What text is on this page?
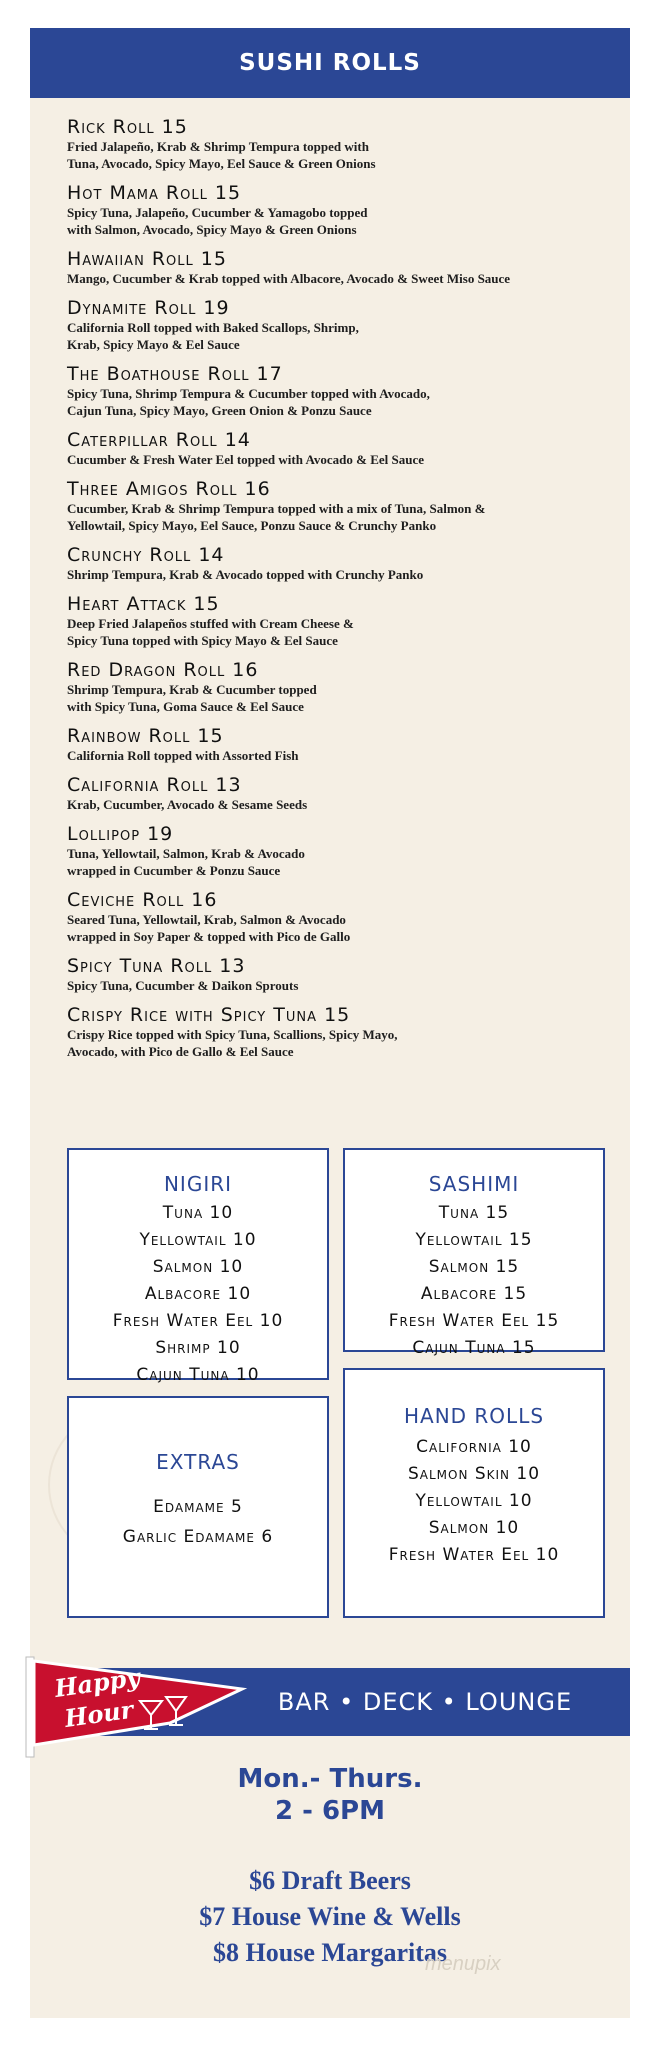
SUSHI ROLLS
Rick Roll 15
Fried Jalapeño, Krab & Shrimp Tempura topped with
Tuna, Avocado, Spicy Mayo, Eel Sauce & Green Onions
Hot Mama Roll 15
Spicy Tuna, Jalapeño, Cucumber & Yamagobo topped
with Salmon, Avocado, Spicy Mayo & Green Onions
Hawaiian Roll 15
Mango, Cucumber & Krab topped with Albacore, Avocado & Sweet Miso Sauce
Dynamite Roll 19
California Roll topped with Baked Scallops, Shrimp,
Krab, Spicy Mayo & Eel Sauce
The Boathouse Roll 17
Spicy Tuna, Shrimp Tempura & Cucumber topped with Avocado,
Cajun Tuna, Spicy Mayo, Green Onion & Ponzu Sauce
Caterpillar Roll 14
Cucumber & Fresh Water Eel topped with Avocado & Eel Sauce
Three Amigos Roll 16
Cucumber, Krab & Shrimp Tempura topped with a mix of Tuna, Salmon &
Yellowtail, Spicy Mayo, Eel Sauce, Ponzu Sauce & Crunchy Panko
Crunchy Roll 14
Shrimp Tempura, Krab & Avocado topped with Crunchy Panko
Heart Attack 15
Deep Fried Jalapeños stuffed with Cream Cheese &
Spicy Tuna topped with Spicy Mayo & Eel Sauce
Red Dragon Roll 16
Shrimp Tempura, Krab & Cucumber topped
with Spicy Tuna, Goma Sauce & Eel Sauce
Rainbow Roll 15
California Roll topped with Assorted Fish
California Roll 13
Krab, Cucumber, Avocado & Sesame Seeds
Lollipop 19
Tuna, Yellowtail, Salmon, Krab & Avocado
wrapped in Cucumber & Ponzu Sauce
Ceviche Roll 16
Seared Tuna, Yellowtail, Krab, Salmon & Avocado
wrapped in Soy Paper & topped with Pico de Gallo
Spicy Tuna Roll 13
Spicy Tuna, Cucumber & Daikon Sprouts
Crispy Rice with Spicy Tuna 15
Crispy Rice topped with Spicy Tuna, Scallions, Spicy Mayo,
Avocado, with Pico de Gallo & Eel Sauce
NIGIRI
Tuna 10
Yellowtail 10
Salmon 10
Albacore 10
Fresh Water Eel 10
Shrimp 10
Cajun Tuna 10
SASHIMI
Tuna 15
Yellowtail 15
Salmon 15
Albacore 15
Fresh Water Eel 15
Cajun Tuna 15
EXTRAS
Edamame 5
Garlic Edamame 6
HAND ROLLS
California 10
Salmon Skin 10
Yellowtail 10
Salmon 10
Fresh Water Eel 10
BAR • DECK • LOUNGE
Happy
Hour
Mon.- Thurs.
2 - 6PM
$6 Draft Beers
$7 House Wine & Wells
$8 House Margaritas
menupix
